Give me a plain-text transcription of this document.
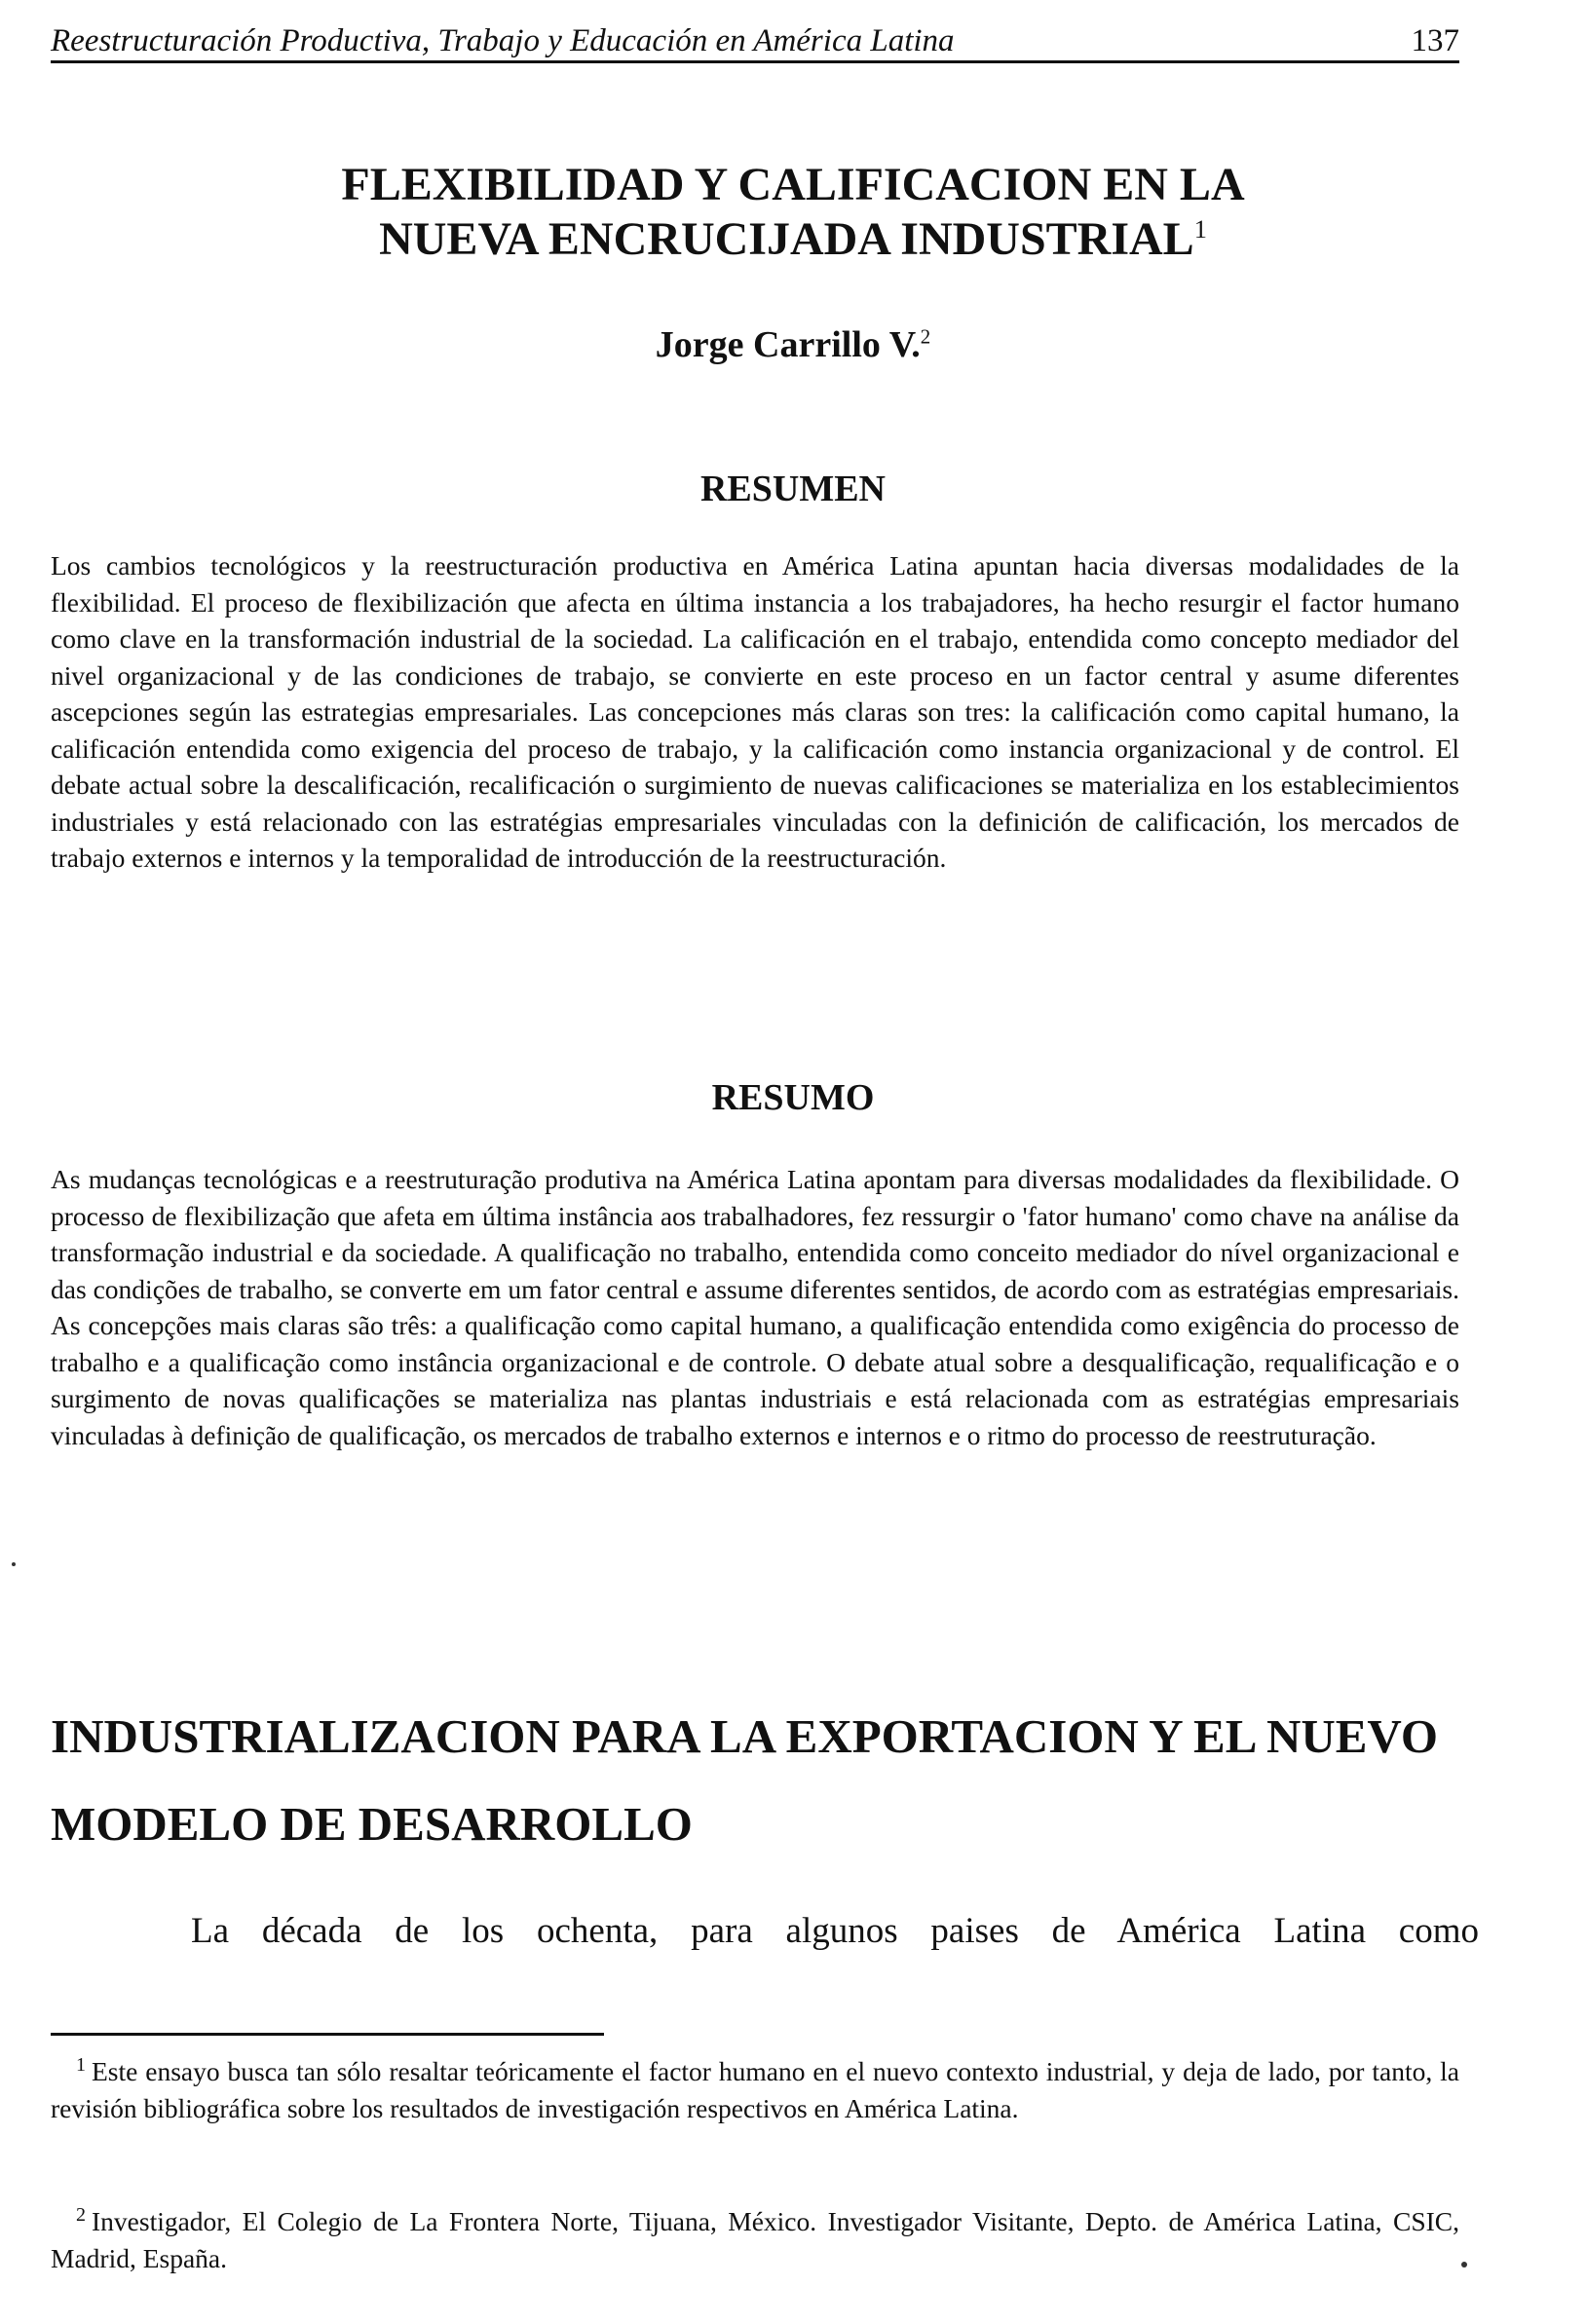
Reestructuración Productiva, Trabajo y Educación en América Latina	137
FLEXIBILIDAD Y CALIFICACION EN LA
NUEVA ENCRUCIJADA INDUSTRIAL$^1$
Jorge Carrillo V.$^2$
RESUMEN

Los cambios tecnológicos y la reestructuración productiva en América Latina apuntan hacia diversas modalidades de la flexibilidad. El proceso de flexibilización que afecta en última instancia a los trabajadores, ha hecho resurgir el factor humano como clave en la transformación industrial de la sociedad. La calificación en el trabajo, entendida como concepto mediador del nivel organizacional y de las condiciones de trabajo, se convierte en este proceso en un factor central y asume diferentes ascepciones según las estrategias empresariales. Las concepciones más claras son tres: la calificación como capital humano, la calificación entendida como exigencia del proceso de trabajo, y la calificación como instancia organizacional y de control. El debate actual sobre la descalificación, recalificación o surgimiento de nuevas calificaciones se materializa en los establecimientos industriales y está relacionado con las estratégias empresariales vinculadas con la definición de calificación, los mercados de trabajo externos e internos y la temporalidad de introducción de la reestructuración.

RESUMO

As mudanças tecnológicas e a reestruturação produtiva na América Latina apontam para diversas modalidades da flexibilidade. O processo de flexibilização que afeta em última instância aos trabalhadores, fez ressurgir o 'fator humano' como chave na análise da transformação industrial e da sociedade. A qualificação no trabalho, entendida como conceito mediador do nível organizacional e das condições de trabalho, se converte em um fator central e assume diferentes sentidos, de acordo com as estratégias empresariais. As concepções mais claras são três: a qualificação como capital humano, a qualificação entendida como exigência do processo de trabalho e a qualificação como instância organizacional e de controle. O debate atual sobre a desqualificação, requalificação e o surgimento de novas qualificações se materializa nas plantas industriais e está relacionada com as estratégias empresariais vinculadas à definição de qualificação, os mercados de trabalho externos e internos e o ritmo do processo de reestruturação.

INDUSTRIALIZACION PARA LA EXPORTACION Y EL NUEVO
MODELO DE DESARROLLO

La década de los ochenta, para algunos paises de América Latina como

$^1$ Este ensayo busca tan sólo resaltar teóricamente el factor humano en el nuevo contexto industrial, y deja de lado, por tanto, la revisión bibliográfica sobre los resultados de investigación respectivos en América Latina.

$^2$ Investigador, El Colegio de La Frontera Norte, Tijuana, México. Investigador Visitante, Depto. de América Latina, CSIC, Madrid, España.
